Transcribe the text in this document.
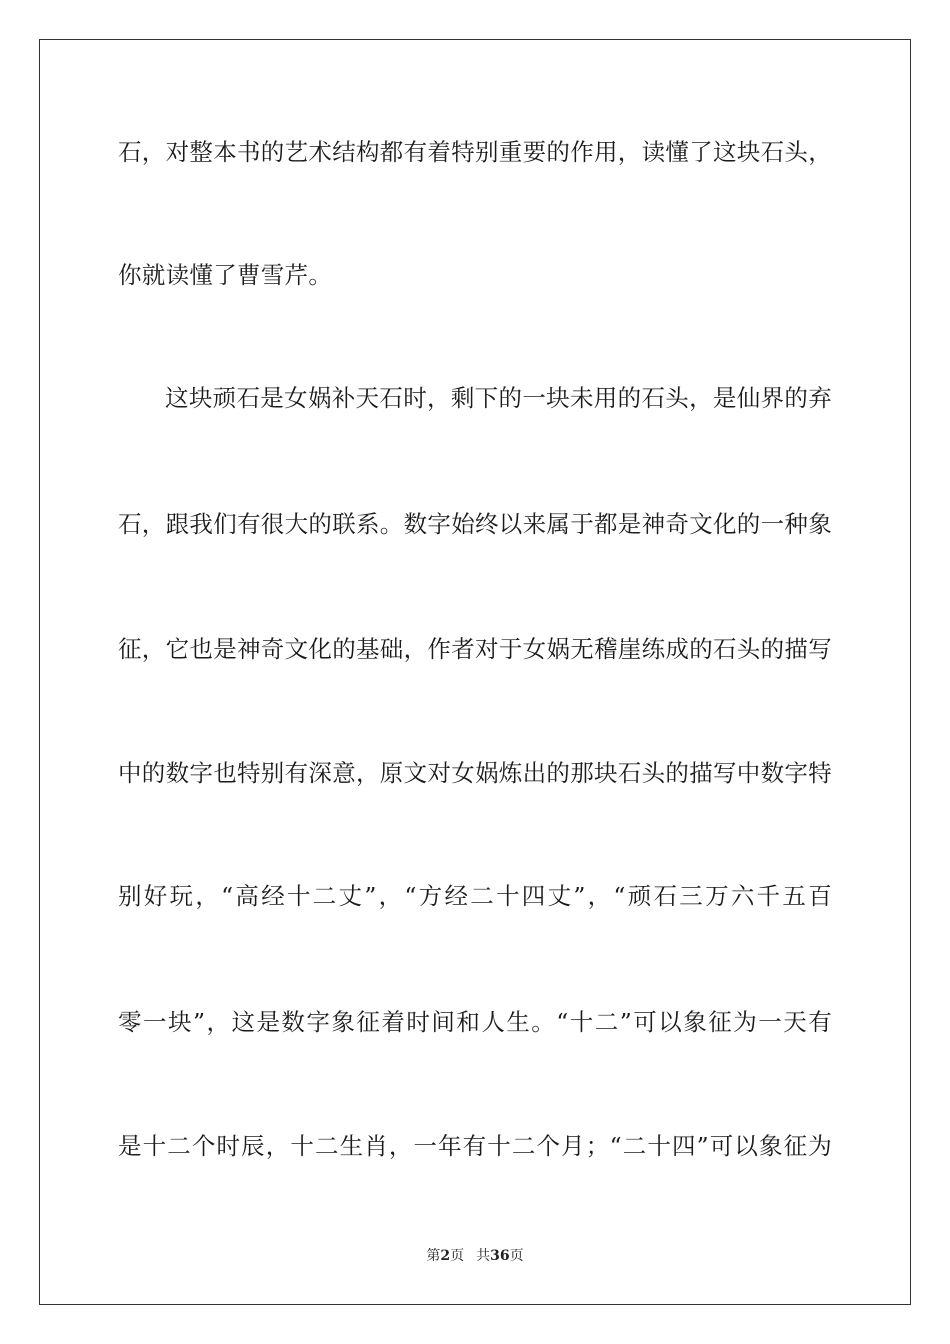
石，对整本书的艺术结构都有着特别重要的作用，读懂了这块石头，
你就读懂了曹雪芹。
这块顽石是女娲补天石时，剩下的一块未用的石头，是仙界的弃
石，跟我们有很大的联系。数字始终以来属于都是神奇文化的一种象
征，它也是神奇文化的基础，作者对于女娲无稽崖练成的石头的描写
中的数字也特别有深意，原文对女娲炼出的那块石头的描写中数字特
别好玩，“高经十二丈”，“方经二十四丈”，“顽石三万六千五百
零一块”，这是数字象征着时间和人生。“十二”可以象征为一天有
是十二个时辰，十二生肖，一年有十二个月；“二十四”可以象征为
第2页 共36页
